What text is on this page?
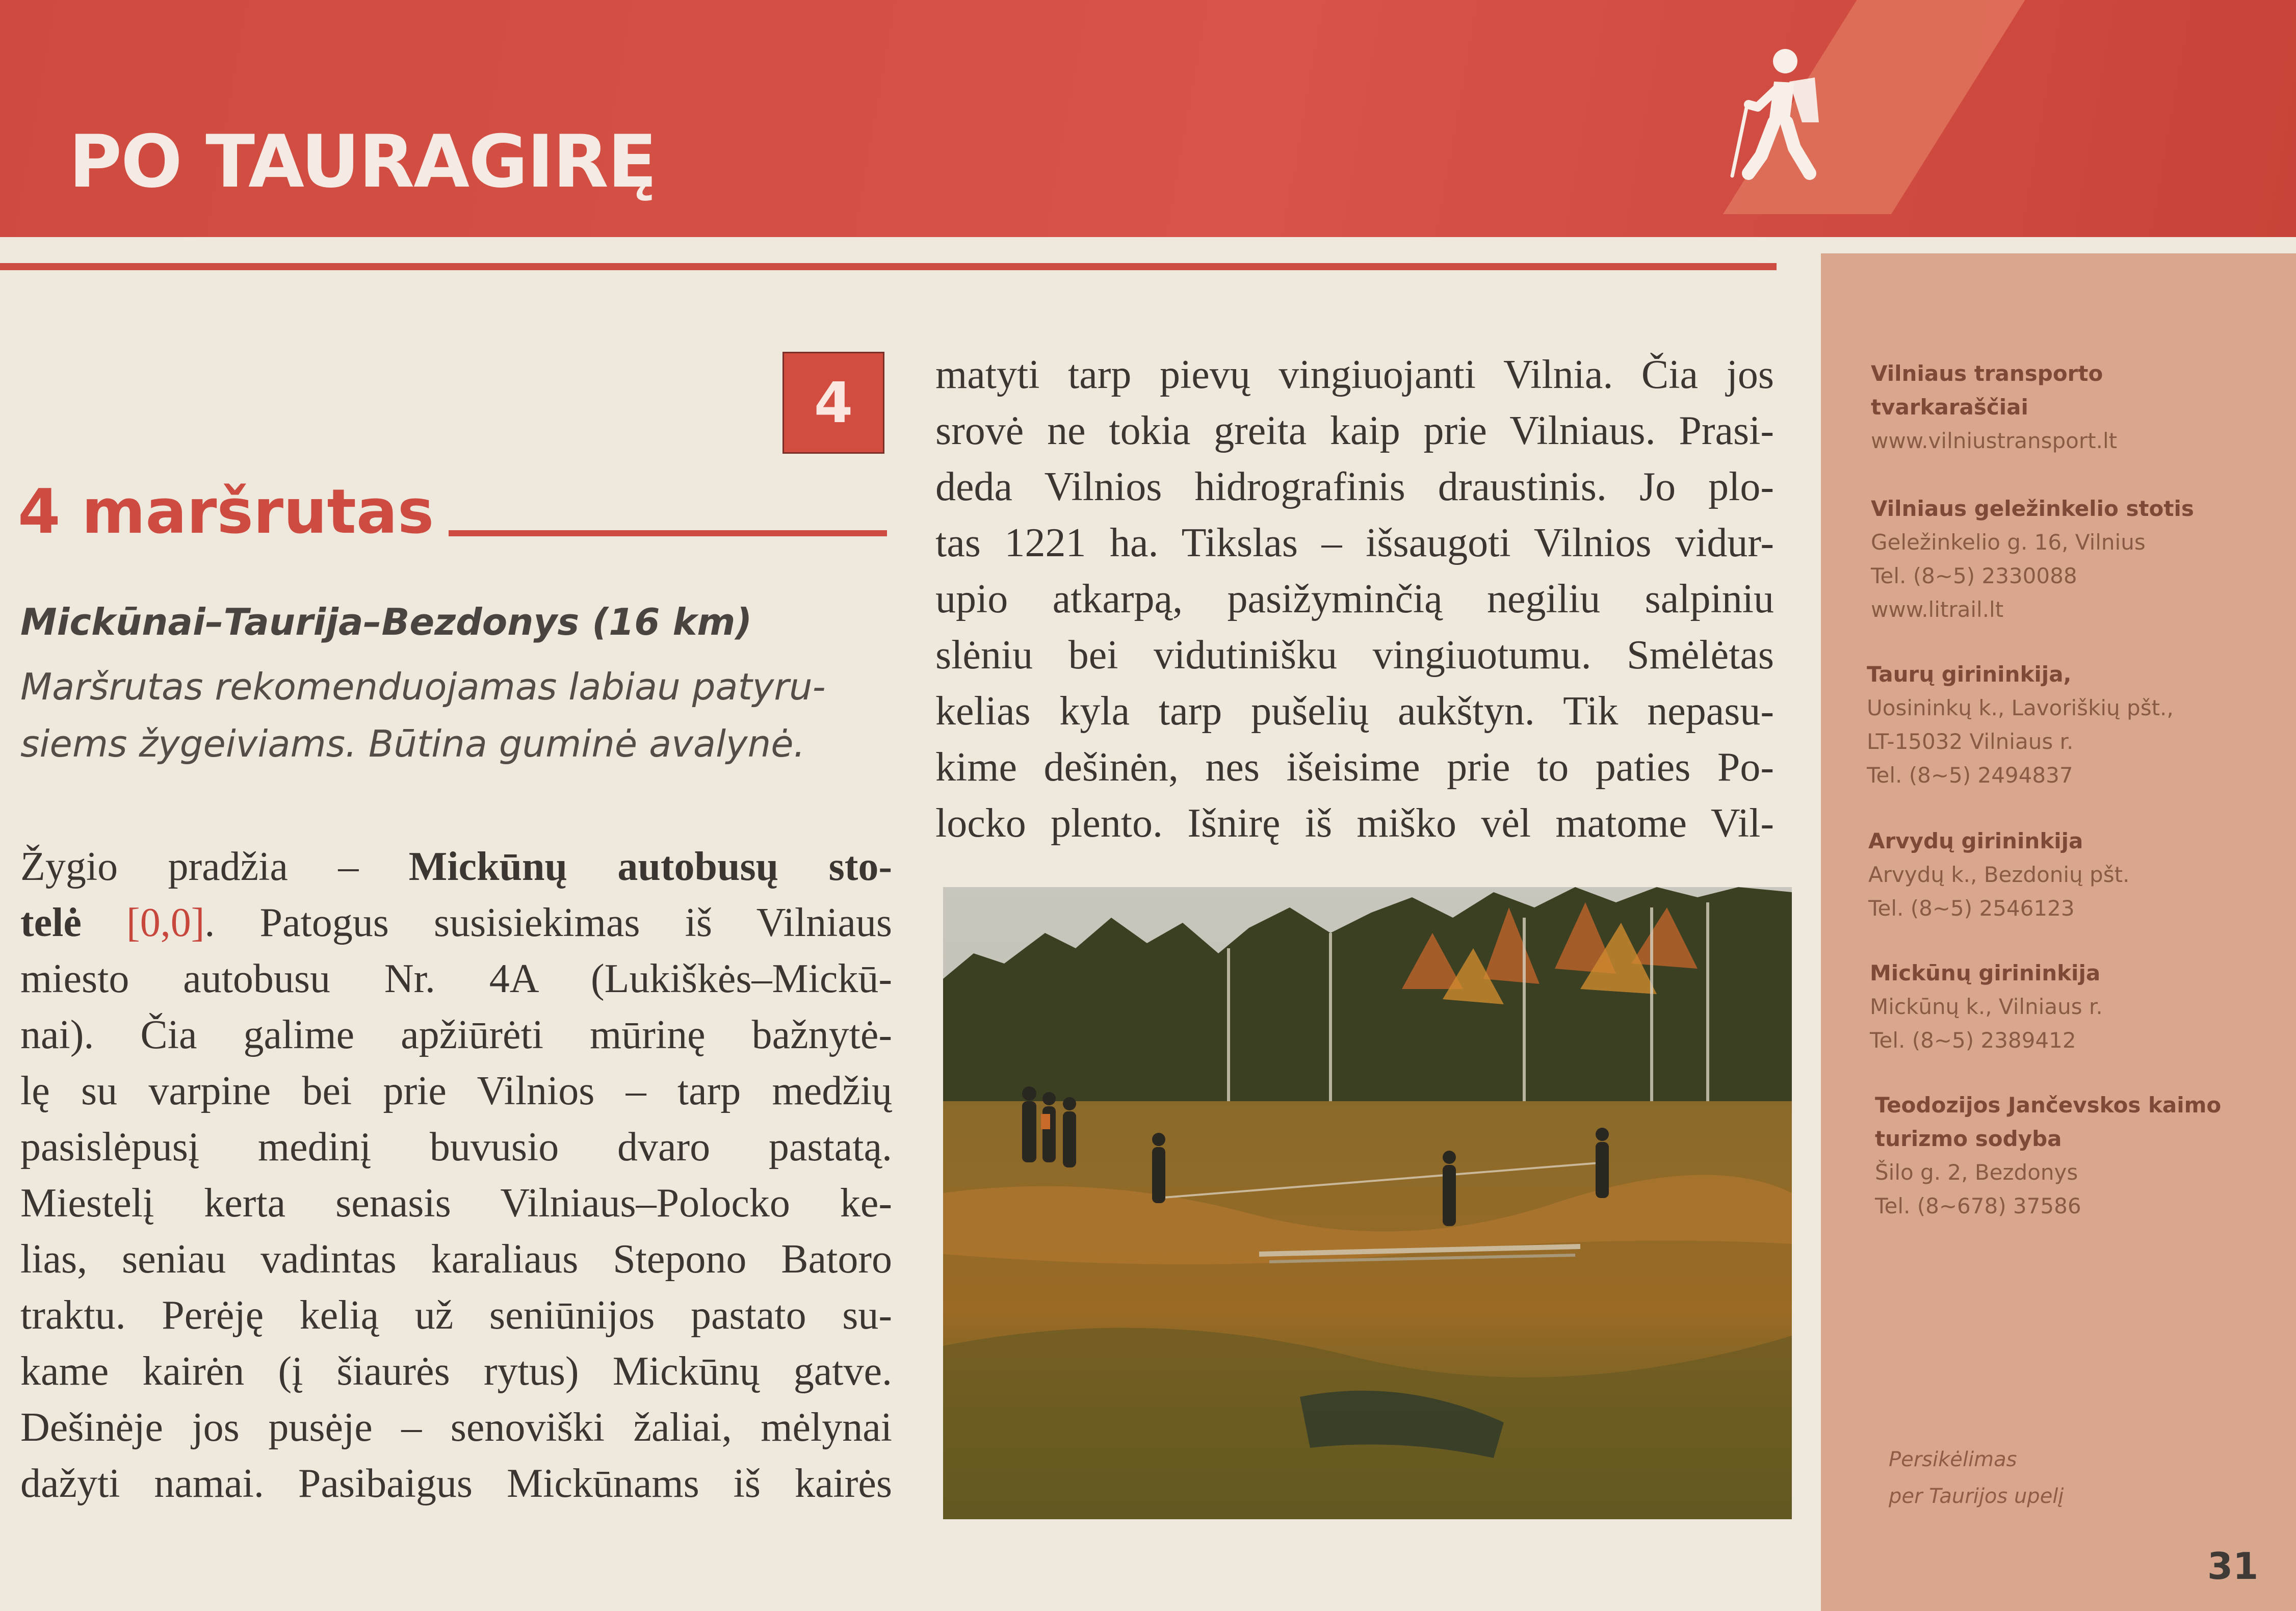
PO TAURAGIRĘ
Vilniaus transporto
tvarkaraščiai
www.vilniustransport.lt
Vilniaus geležinkelio stotis
Geležinkelio g. 16, Vilnius
Tel. (8~5) 2330088
www.litrail.lt
Taurų girininkija,
Uosininkų k., Lavoriškių pšt.,
LT-15032 Vilniaus r.
Tel. (8~5) 2494837
Arvydų girininkija
Arvydų k., Bezdonių pšt.
Tel. (8~5) 2546123
Mickūnų girininkija
Mickūnų k., Vilniaus r.
Tel. (8~5) 2389412
Teodozijos Jančevskos kaimo
turizmo sodyba
Šilo g. 2, Bezdonys
Tel. (8~678) 37586
4
4 maršrutas
Mickūnai–Taurija–Bezdonys (16 km)
Maršrutas rekomenduojamas labiau patyru-
siems žygeiviams. Būtina guminė avalynė.
Žygio pradžia – Mickūnų autobusų sto-
telė [0,0]. Patogus susisiekimas iš Vilniaus
miesto autobusu Nr. 4A (Lukiškės–Mickū-
nai). Čia galime apžiūrėti mūrinę bažnytė-
lę su varpine bei prie Vilnios – tarp medžių
pasislėpusį medinį buvusio dvaro pastatą.
Miestelį kerta senasis Vilniaus–Polocko ke-
lias, seniau vadintas karaliaus Stepono Batoro
traktu. Perėję kelią už seniūnijos pastato su-
kame kairėn (į šiaurės rytus) Mickūnų gatve.
Dešinėje jos pusėje – senoviški žaliai, mėlynai
dažyti namai. Pasibaigus Mickūnams iš kairės
matyti tarp pievų vingiuojanti Vilnia. Čia jos
srovė ne tokia greita kaip prie Vilniaus. Prasi-
deda Vilnios hidrografinis draustinis. Jo plo-
tas 1221 ha. Tikslas – išsaugoti Vilnios vidur-
upio atkarpą, pasižyminčią negiliu salpiniu
slėniu bei vidutinišku vingiuotumu. Smėlėtas
kelias kyla tarp pušelių aukštyn. Tik nepasu-
kime dešinėn, nes išeisime prie to paties Po-
locko plento. Išnirę iš miško vėl matome Vil-
Persikėlimas
per Taurijos upelį
31
